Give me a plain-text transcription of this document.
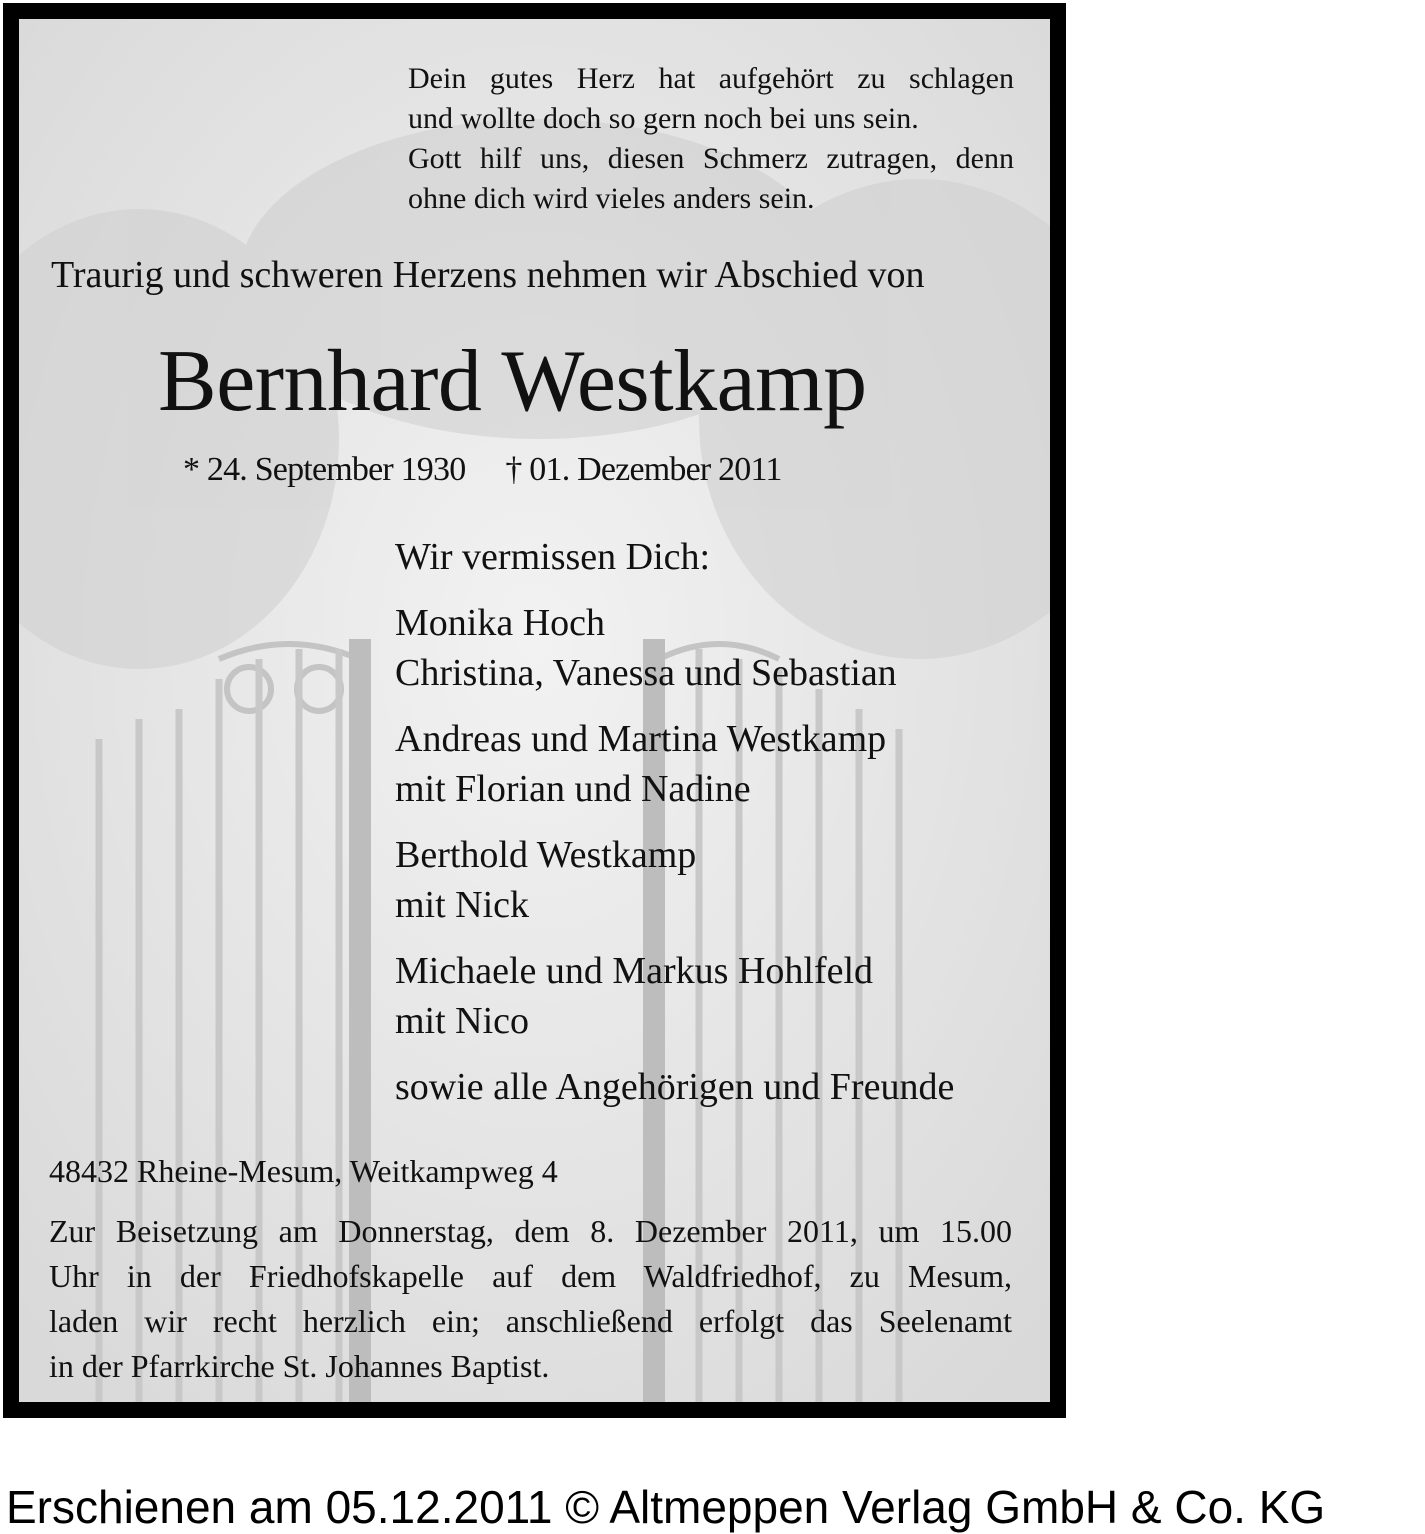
Dein gutes Herz hat aufgehört zu schlagen
und wollte doch so gern noch bei uns sein.
Gott hilf uns, diesen Schmerz zutragen, denn
ohne dich wird vieles anders sein.
Traurig und schweren Herzens nehmen wir Abschied von
Bernhard Westkamp
* 24. September 1930 † 01. Dezember 2011
Wir vermissen Dich:
Monika Hoch
Christina, Vanessa und Sebastian
Andreas und Martina Westkamp
mit Florian und Nadine
Berthold Westkamp
mit Nick
Michaele und Markus Hohlfeld
mit Nico
sowie alle Angehörigen und Freunde
48432 Rheine-Mesum, Weitkampweg 4
Zur Beisetzung am Donnerstag, dem 8. Dezember 2011, um 15.00
Uhr in der Friedhofskapelle auf dem Waldfriedhof, zu Mesum,
laden wir recht herzlich ein; anschließend erfolgt das Seelenamt
in der Pfarrkirche St. Johannes Baptist.
Erschienen am 05.12.2011 © Altmeppen Verlag GmbH & Co. KG
